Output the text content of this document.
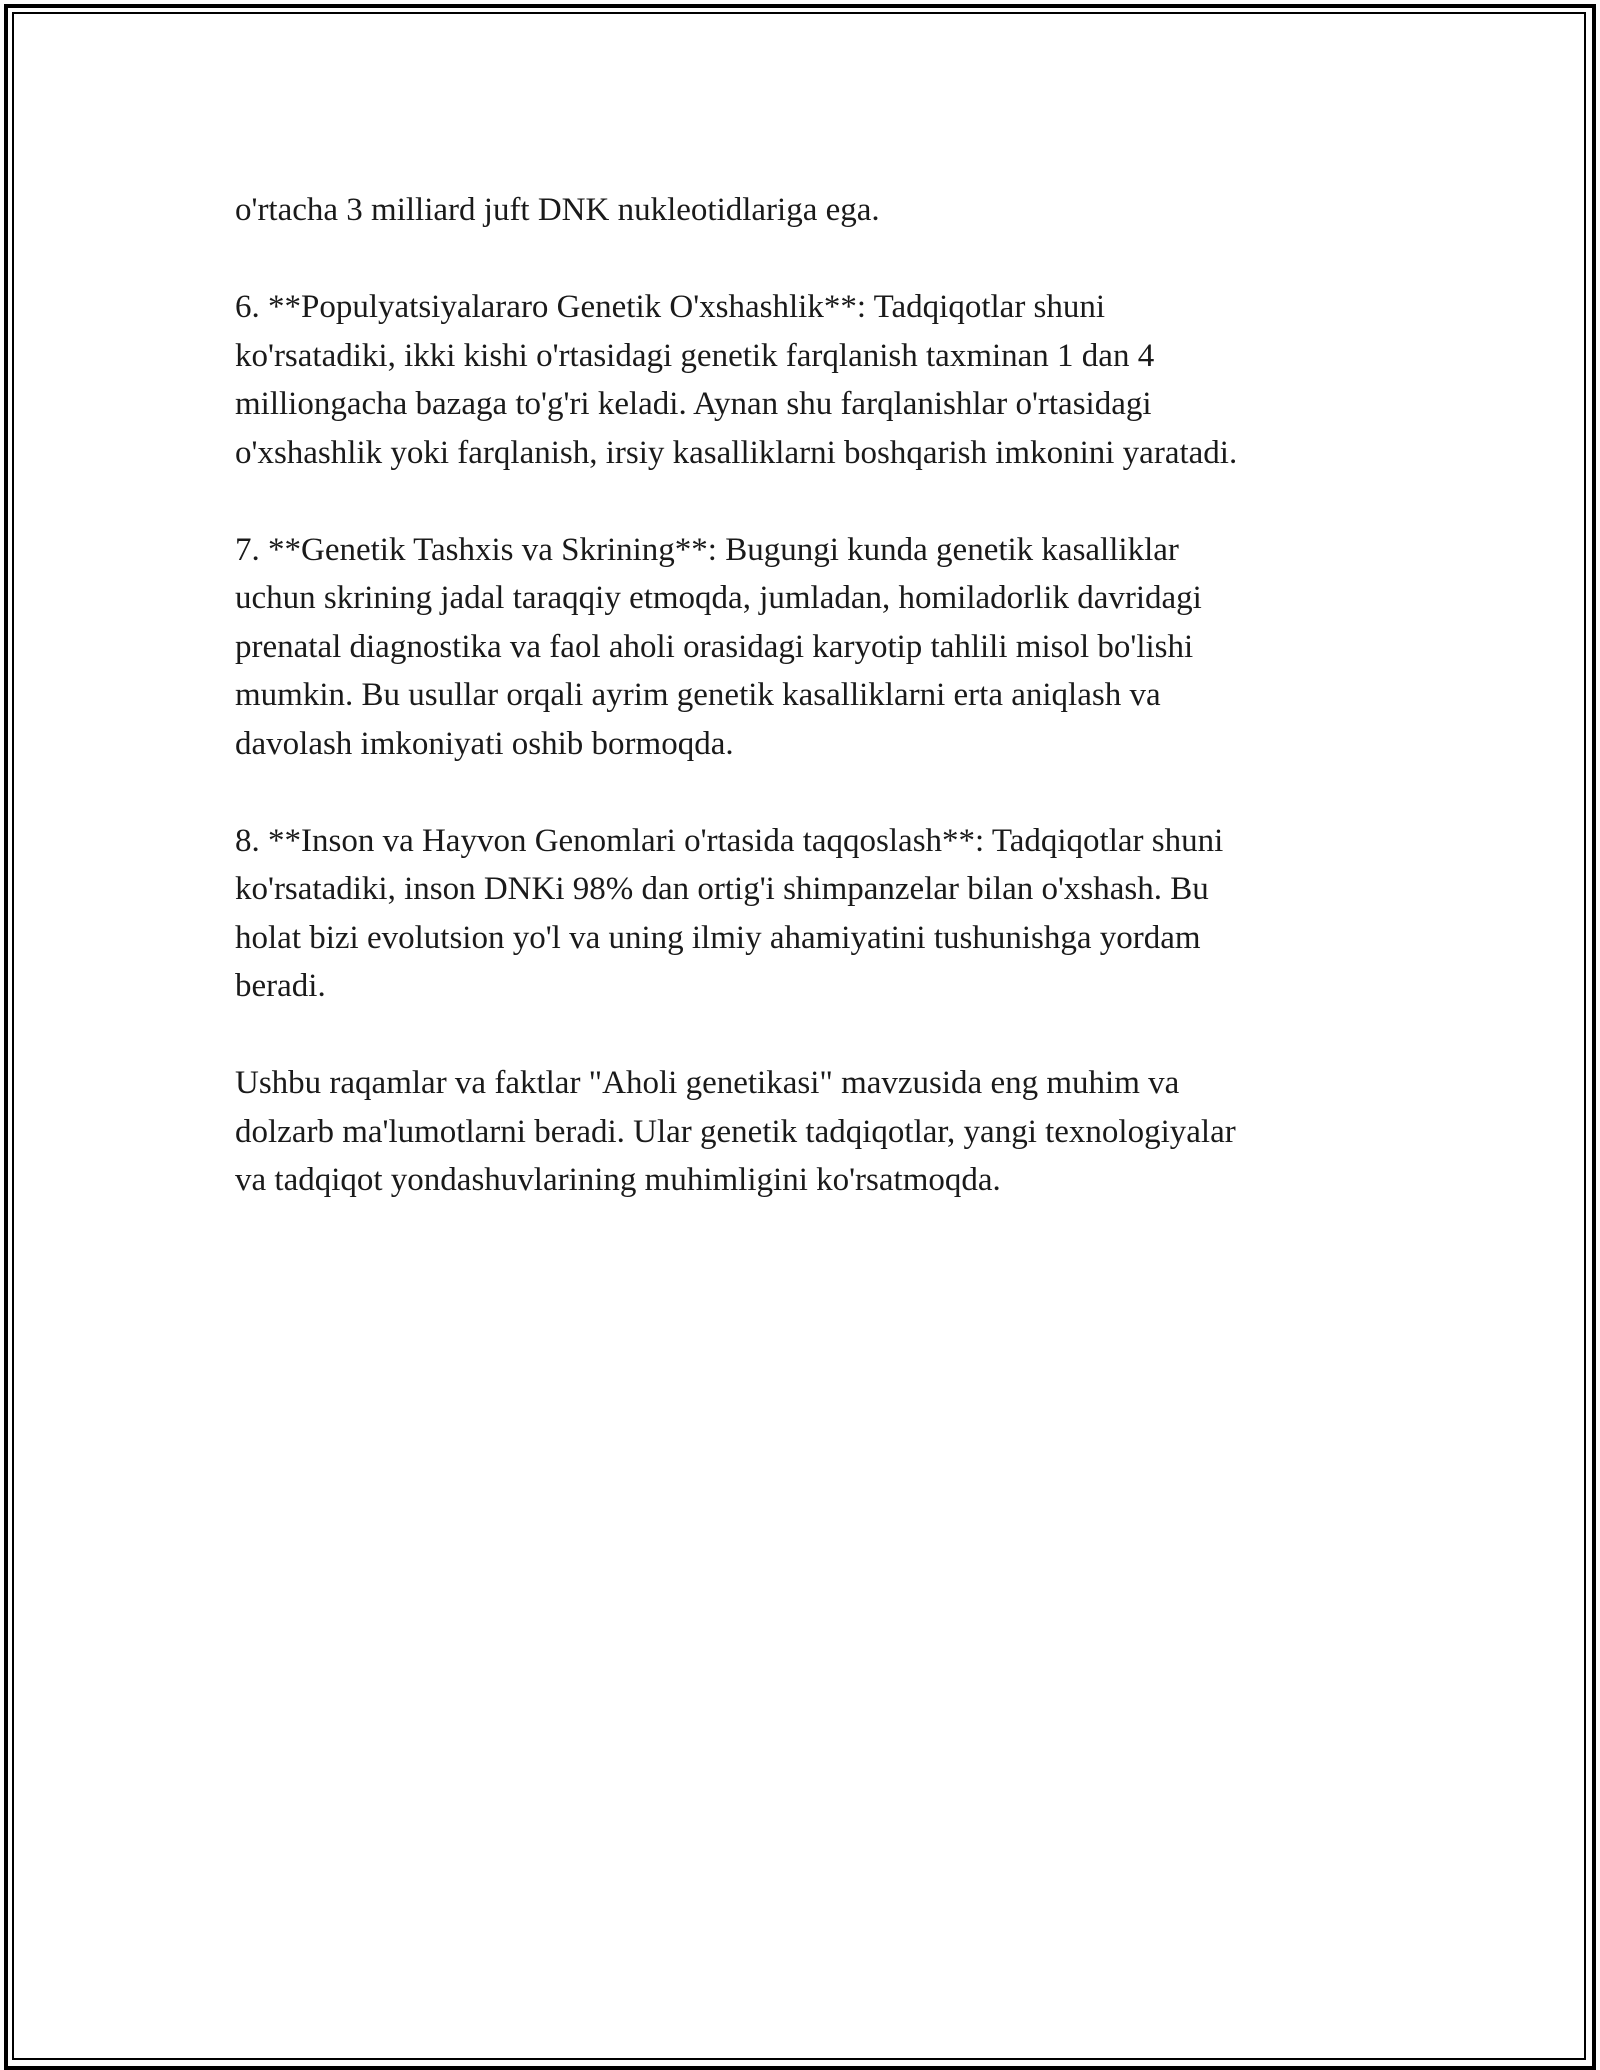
o'rtacha 3 milliard juft DNK nukleotidlariga ega.

6. **Populyatsiyalararo Genetik O'xshashlik**: Tadqiqotlar shuni
ko'rsatadiki, ikki kishi o'rtasidagi genetik farqlanish taxminan 1 dan 4
milliongacha bazaga to'g'ri keladi. Aynan shu farqlanishlar o'rtasidagi
o'xshashlik yoki farqlanish, irsiy kasalliklarni boshqarish imkonini yaratadi.

7. **Genetik Tashxis va Skrining**: Bugungi kunda genetik kasalliklar
uchun skrining jadal taraqqiy etmoqda, jumladan, homiladorlik davridagi
prenatal diagnostika va faol aholi orasidagi karyotip tahlili misol bo'lishi
mumkin. Bu usullar orqali ayrim genetik kasalliklarni erta aniqlash va
davolash imkoniyati oshib bormoqda.

8. **Inson va Hayvon Genomlari o'rtasida taqqoslash**: Tadqiqotlar shuni
ko'rsatadiki, inson DNKi 98% dan ortig'i shimpanzelar bilan o'xshash. Bu
holat bizi evolutsion yo'l va uning ilmiy ahamiyatini tushunishga yordam
beradi.

Ushbu raqamlar va faktlar "Aholi genetikasi" mavzusida eng muhim va
dolzarb ma'lumotlarni beradi. Ular genetik tadqiqotlar, yangi texnologiyalar
va tadqiqot yondashuvlarining muhimligini ko'rsatmoqda.
